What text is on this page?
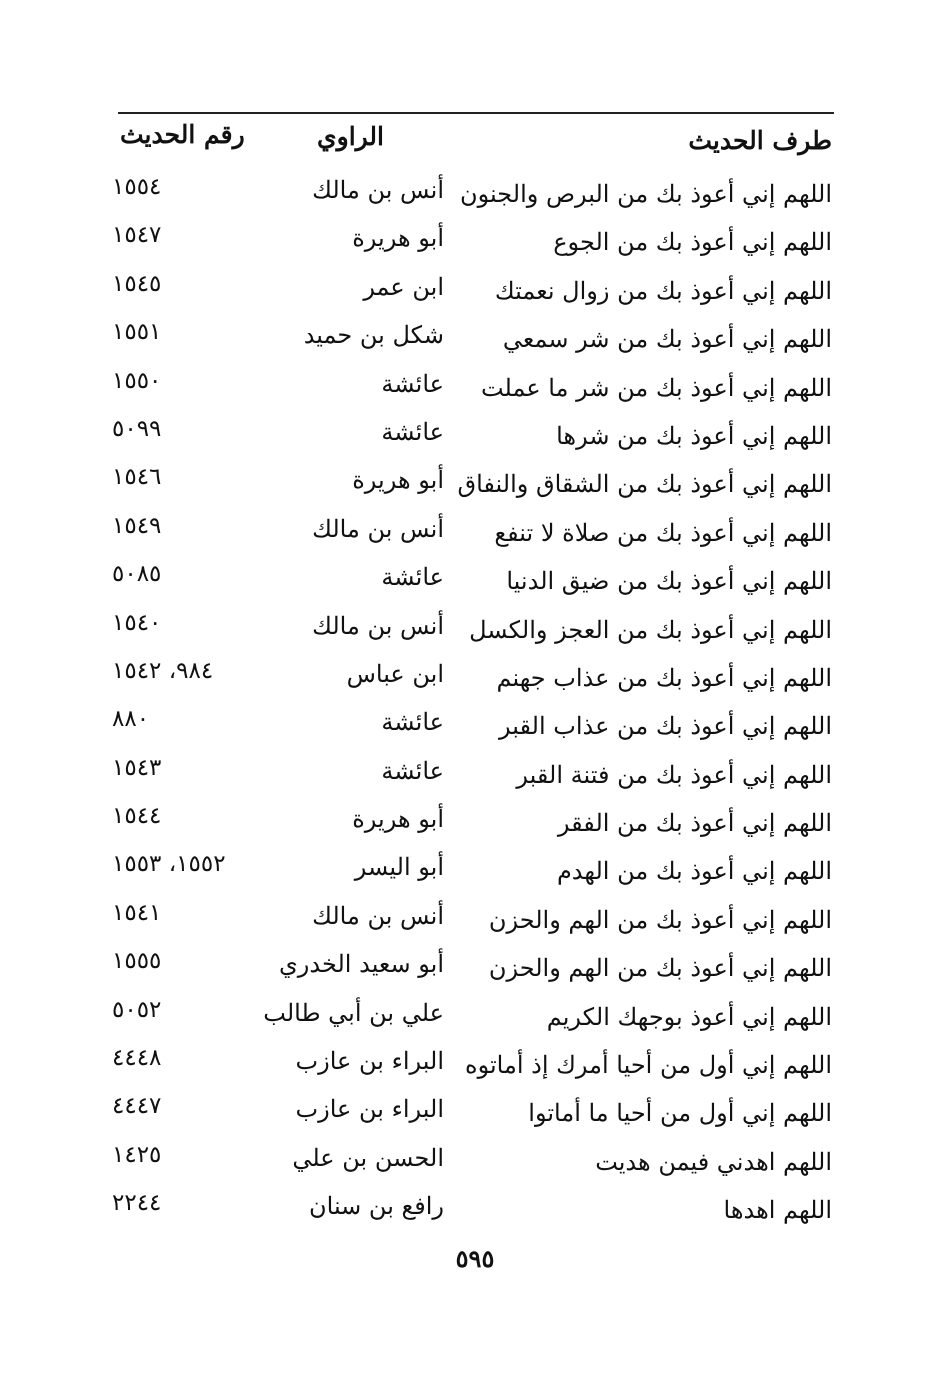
طرف الحديث
الراوي
رقم الحديث
اللهم إني أعوذ بك من البرص والجنون
أنس بن مالك
١٥٥٤
اللهم إني أعوذ بك من الجوع
أبو هريرة
١٥٤٧
اللهم إني أعوذ بك من زوال نعمتك
ابن عمر
١٥٤٥
اللهم إني أعوذ بك من شر سمعي
شكل بن حميد
١٥٥١
اللهم إني أعوذ بك من شر ما عملت
عائشة
١٥٥٠
اللهم إني أعوذ بك من شرها
عائشة
٥٠٩٩
اللهم إني أعوذ بك من الشقاق والنفاق
أبو هريرة
١٥٤٦
اللهم إني أعوذ بك من صلاة لا تنفع
أنس بن مالك
١٥٤٩
اللهم إني أعوذ بك من ضيق الدنيا
عائشة
٥٠٨٥
اللهم إني أعوذ بك من العجز والكسل
أنس بن مالك
١٥٤٠
اللهم إني أعوذ بك من عذاب جهنم
ابن عباس
٩٨٤، ١٥٤٢
اللهم إني أعوذ بك من عذاب القبر
عائشة
٨٨٠
اللهم إني أعوذ بك من فتنة القبر
عائشة
١٥٤٣
اللهم إني أعوذ بك من الفقر
أبو هريرة
١٥٤٤
اللهم إني أعوذ بك من الهدم
أبو اليسر
١٥٥٢، ١٥٥٣
اللهم إني أعوذ بك من الهم والحزن
أنس بن مالك
١٥٤١
اللهم إني أعوذ بك من الهم والحزن
أبو سعيد الخدري
١٥٥٥
اللهم إني أعوذ بوجهك الكريم
علي بن أبي طالب
٥٠٥٢
اللهم إني أول من أحيا أمرك إذ أماتوه
البراء بن عازب
٤٤٤٨
اللهم إني أول من أحيا ما أماتوا
البراء بن عازب
٤٤٤٧
اللهم اهدني فيمن هديت
الحسن بن علي
١٤٢٥
اللهم اهدها
رافع بن سنان
٢٢٤٤
٥٩٥
